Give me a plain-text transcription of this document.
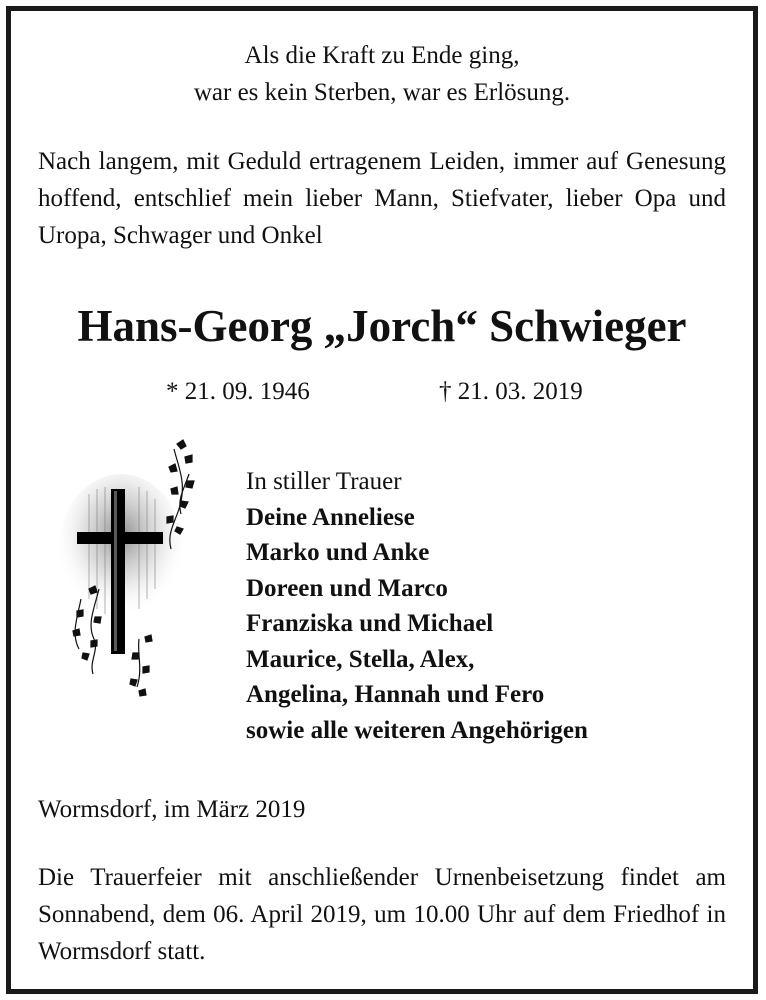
Als die Kraft zu Ende ging,
war es kein Sterben, war es Erlösung.
Nach langem, mit Geduld ertragenem Leiden, immer auf Genesung hoffend, entschlief mein lieber Mann, Stiefvater, lieber Opa und Uropa, Schwager und Onkel
Hans-Georg „Jorch“ Schwieger
* 21. 09. 1946	† 21. 03. 2019
In stiller Trauer
Deine Anneliese
Marko und Anke
Doreen und Marco
Franziska und Michael
Maurice, Stella, Alex,
Angelina, Hannah und Fero
sowie alle weiteren Angehörigen
Wormsdorf, im März 2019
Die Trauerfeier mit anschließender Urnenbeisetzung findet am Sonnabend, dem 06. April 2019, um 10.00 Uhr auf dem Friedhof in Wormsdorf statt.
